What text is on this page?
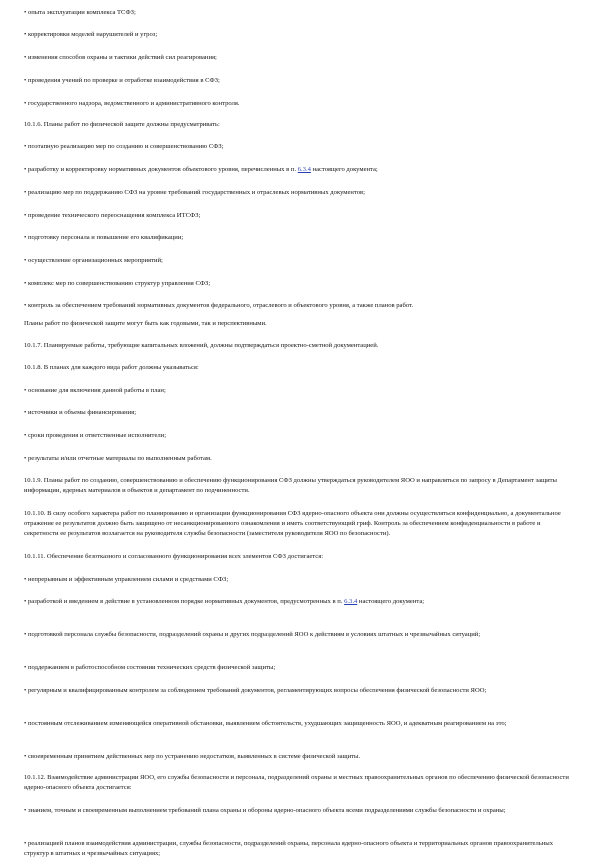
• опыта эксплуатации комплекса ТСФЗ;

• корректировки моделей нарушителей и угроз;

• изменения способов охраны и тактики действий сил реагирования;

• проведения учений по проверке и отработке взаимодействия в СФЗ;

• государственного надзора, ведомственного и административного контроля.

10.1.6. Планы работ по физической защите должны предусматривать:

• поэтапную реализацию мер по созданию и совершенствованию СФЗ;

• разработку и корректировку нормативных документов объектового уровня, перечисленных в п. 6.3.4 настоящего документа;

• реализацию мер по поддержанию СФЗ на уровне требований государственных и отраслевых нормативных документов;

• проведение технического переоснащения комплекса ИТСФЗ;

• подготовку персонала и повышение его квалификации;

• осуществление организационных мероприятий;

• комплекс мер по совершенствованию структур управления СФЗ;

• контроль за обеспечением требований нормативных документов федерального, отраслевого и объектового уровня, а также планов работ.

Планы работ по физической защите могут быть как годовыми, так и перспективными.

10.1.7. Планируемые работы, требующие капитальных вложений, должны подтверждаться проектно-сметной документацией.

10.1.8. В планах для каждого вида работ должны указываться:

• основание для включения данной работы в план;

• источники и объемы финансирования;

• сроки проведения и ответственные исполнители;

• результаты и/или отчетные материалы по выполненным работам.

10.1.9. Планы работ по созданию, совершенствованию и обеспечению функционирования СФЗ должны утверждаться руководителем ЯОО и направляться по запросу в Департамент защиты информации, ядерных материалов и объектов и департамент по подчиненности.

10.1.10. В силу особого характера работ по планированию и организации функционирования СФЗ ядерно-опасного объекта они должны осуществляться конфиденциально, а документальное отражение ее результатов должно быть защищено от несанкционированного ознакомления и иметь соответствующий гриф. Контроль за обеспечением конфиденциальности в работе и секретности ее результатов возлагается на руководителя службы безопасности (заместителя руководителя ЯОО по безопасности).

10.1.11. Обеспечение безотказного и согласованного функционирования всех элементов СФЗ достигается:

• непрерывным и эффективным управлением силами и средствами СФЗ;

• разработкой и введением в действие в установленном порядке нормативных документов, предусмотренных в п. 6.3.4 настоящего документа;

• подготовкой персонала службы безопасности, подразделений охраны и других подразделений ЯОО к действиям в условиях штатных и чрезвычайных ситуаций;

• поддержанием в работоспособном состоянии технических средств физической защиты;

• регулярным и квалифицированным контролем за соблюдением требований документов, регламентирующих вопросы обеспечения физической безопасности ЯОО;

• постоянным отслеживанием изменяющейся оперативной обстановки, выявлением обстоятельств, ухудшающих защищенность ЯОО, и адекватным реагированием на это;

• своевременным принятием действенных мер по устранению недостатков, выявленных в системе физической защиты.

10.1.12. Взаимодействие администрации ЯОО, его службы безопасности и персонала, подразделений охраны и местных правоохранительных органов по обеспечению физической безопасности ядерно-опасного объекта достигается:

• знанием, точным и своевременным выполнением требований плана охраны и обороны ядерно-опасного объекта всеми подразделениями службы безопасности и охраны;

• реализацией планов взаимодействия администрации, службы безопасности, подразделений охраны, персонала ядерно-опасного объекта и территориальных органов правоохранительных структур в штатных и чрезвычайных ситуациях;
